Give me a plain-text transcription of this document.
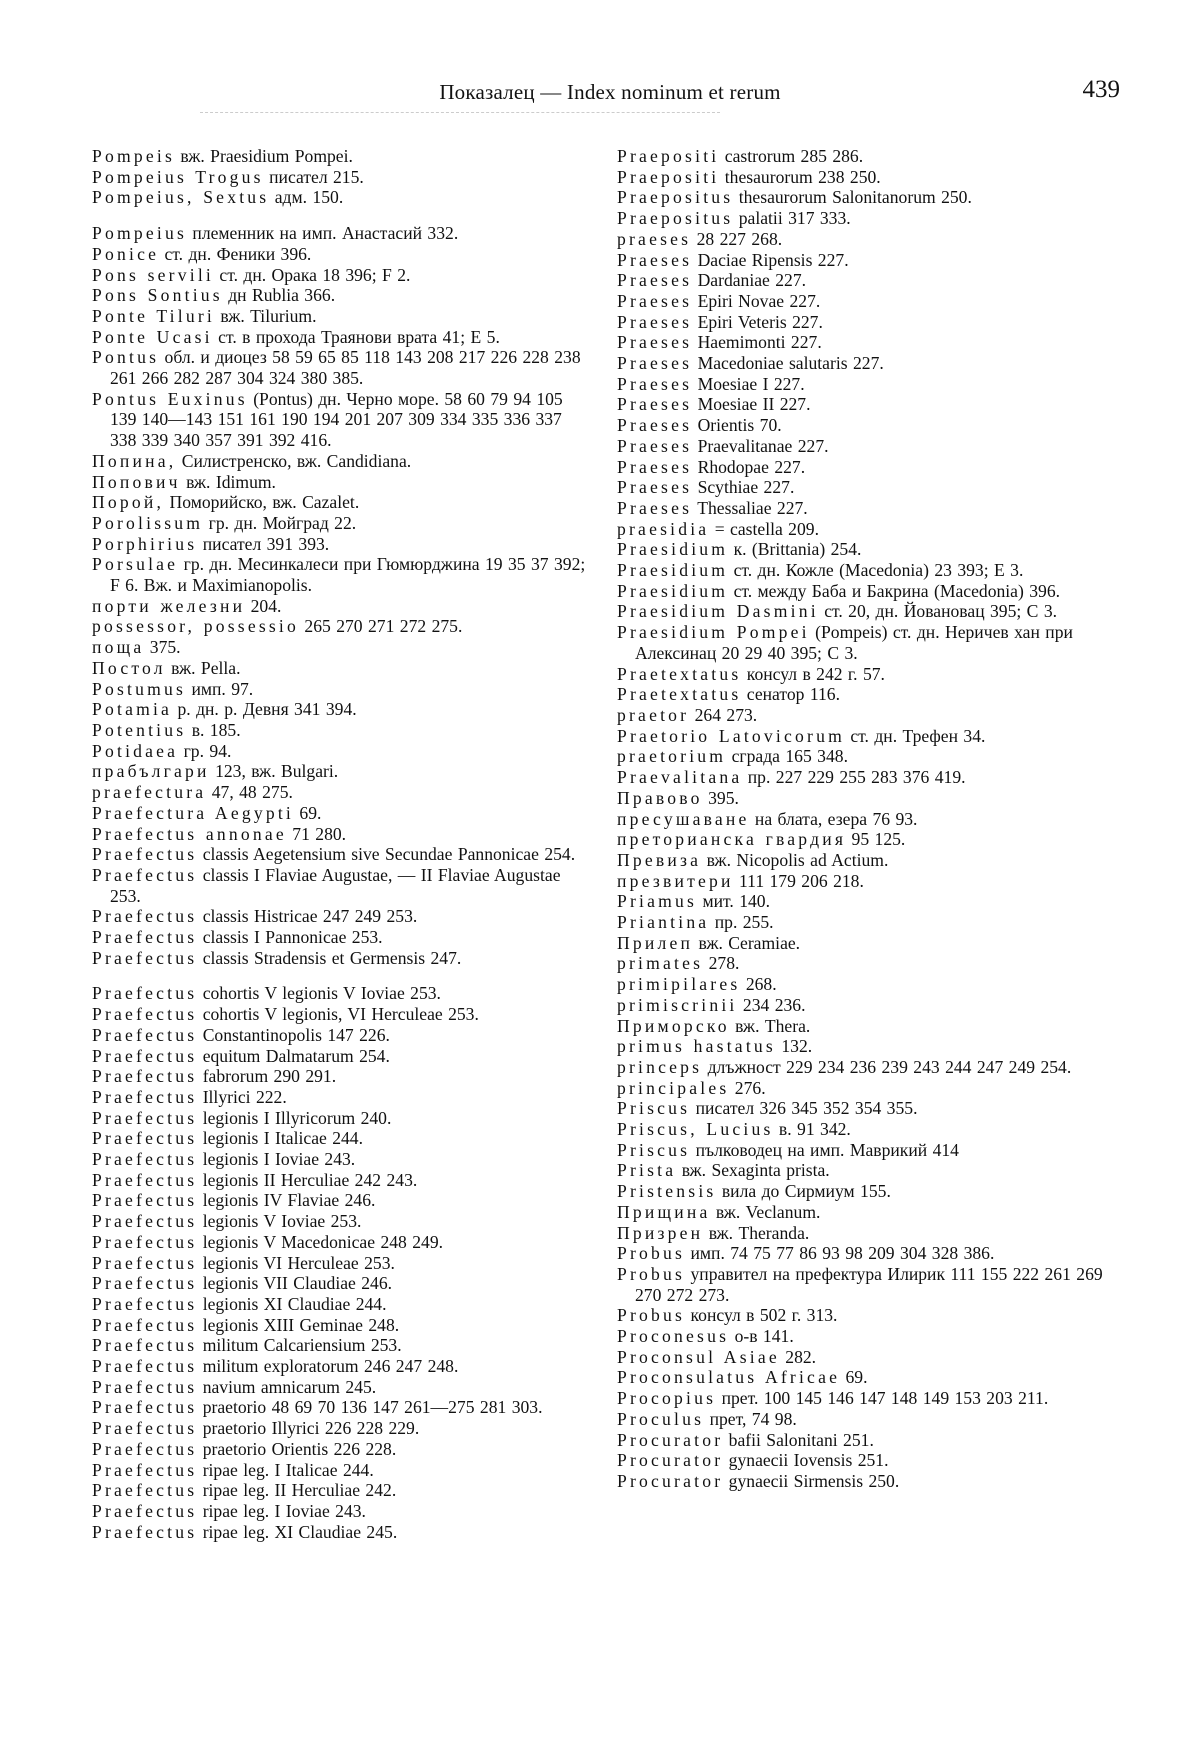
Показалец — Index nominum et rerum	439
Pompeis вж. Praesidium Pompei.
Pompeius Trogus писател 215.
Pompeius, Sextus адм. 150.
Pompeius племенник на имп. Анастасий 332.
Ponice ст. дн. Феники 396.
Pons servili ст. дн. Орака 18 396; F 2.
Pons Sontius дн Rublia 366.
Ponte Tiluri вж. Tilurium.
Ponte Ucasi ст. в прохода Траянови врата 41; E 5.
Pontus обл. и диоцез 58 59 65 85 118 143 208 217 226 228 238 261 266 282 287 304 324 380 385.
Pontus Euxinus (Pontus) дн. Черно море. 58 60 79 94 105 139 140—143 151 161 190 194 201 207 309 334 335 336 337 338 339 340 357 391 392 416.
Попина, Силистренско, вж. Candidiana.
Попович вж. Idimum.
Порой, Поморийско, вж. Cazalet.
Porolissum гр. дн. Мойград 22.
Porphirius писател 391 393.
Porsulae гр. дн. Месинкалеси при Гюмюрджина 19 35 37 392; F 6. Вж. и Maximianopolis.
порти железни 204.
possessor, possessio 265 270 271 272 275.
поща 375.
Постол вж. Pella.
Postumus имп. 97.
Potamia р. дн. р. Девня 341 394.
Potentius в. 185.
Potidaea гр. 94.
прабългари 123, вж. Bulgari.
praefectura 47, 48 275.
Praefectura Aegypti 69.
Praefectus annonae 71 280.
Praefectus classis Aegetensium sive Secundae Pannonicae 254.
Praefectus classis I Flaviae Augustae, — II Flaviae Augustae 253.
Praefectus classis Histricae 247 249 253.
Praefectus classis I Pannonicae 253.
Praefectus classis Stradensis et Germensis 247.
Praefectus cohortis V legionis V Ioviae 253.
Praefectus cohortis V legionis, VI Herculeae 253.
Praefectus Constantinopolis 147 226.
Praefectus equitum Dalmatarum 254.
Praefectus fabrorum 290 291.
Praefectus Illyrici 222.
Praefectus legionis I Illyricorum 240.
Praefectus legionis I Italicae 244.
Praefectus legionis I Ioviae 243.
Praefectus legionis II Herculiae 242 243.
Praefectus legionis IV Flaviae 246.
Praefectus legionis V Ioviae 253.
Praefectus legionis V Macedonicae 248 249.
Praefectus legionis VI Herculeae 253.
Praefectus legionis VII Claudiae 246.
Praefectus legionis XI Claudiae 244.
Praefectus legionis XIII Geminae 248.
Praefectus militum Calcariensium 253.
Praefectus militum exploratorum 246 247 248.
Praefectus navium amnicarum 245.
Praefectus praetorio 48 69 70 136 147 261—275 281 303.
Praefectus praetorio Illyrici 226 228 229.
Praefectus praetorio Orientis 226 228.
Praefectus ripae leg. I Italicae 244.
Praefectus ripae leg. II Herculiae 242.
Praefectus ripae leg. I Ioviae 243.
Praefectus ripae leg. XI Claudiae 245.
Praepositi castrorum 285 286.
Praepositi thesaurorum 238 250.
Praepositus thesaurorum Salonitanorum 250.
Praepositus palatii 317 333.
praeses 28 227 268.
Praeses Daciae Ripensis 227.
Praeses Dardaniae 227.
Praeses Epiri Novae 227.
Praeses Epiri Veteris 227.
Praeses Haemimonti 227.
Praeses Macedoniae salutaris 227.
Praeses Moesiae I 227.
Praeses Moesiae II 227.
Praeses Orientis 70.
Praeses Praevalitanae 227.
Praeses Rhodopae 227.
Praeses Scythiae 227.
Praeses Thessaliae 227.
praesidia = castella 209.
Praesidium к. (Brittania) 254.
Praesidium ст. дн. Кожле (Macedonia) 23 393; E 3.
Praesidium ст. между Баба и Бакрина (Macedonia) 396.
Praesidium Dasmini ст. 20, дн. Йовановац 395; C 3.
Praesidium Pompei (Pompeis) ст. дн. Неричев хан при Алексинац 20 29 40 395; C 3.
Praetextatus консул в 242 г. 57.
Praetextatus сенатор 116.
praetor 264 273.
Praetorio Latovicorum ст. дн. Трефен 34.
praetorium сграда 165 348.
Praevalitana пр. 227 229 255 283 376 419.
Правово 395.
пресушаване на блата, езера 76 93.
преторианска гвардия 95 125.
Превиза вж. Nicopolis ad Actium.
презвитери 111 179 206 218.
Priamus мит. 140.
Priantina пр. 255.
Прилеп вж. Ceramiae.
primates 278.
primipilares 268.
primiscrinii 234 236.
Приморско вж. Thera.
primus hastatus 132.
princeps длъжност 229 234 236 239 243 244 247 249 254.
principales 276.
Priscus писател 326 345 352 354 355.
Priscus, Lucius в. 91 342.
Priscus пълководец на имп. Маврикий 414
Prista вж. Sexaginta prista.
Pristensis вила до Сирмиум 155.
Прищина вж. Veclanum.
Призрен вж. Theranda.
Probus имп. 74 75 77 86 93 98 209 304 328 386.
Probus управител на префектура Илирик 111 155 222 261 269 270 272 273.
Probus консул в 502 г. 313.
Proconesus о-в 141.
Proconsul Asiae 282.
Proconsulatus Africae 69.
Procopius прет. 100 145 146 147 148 149 153 203 211.
Proculus прет, 74 98.
Procurator bafii Salonitani 251.
Procurator gynaecii Iovensis 251.
Procurator gynaecii Sirmensis 250.
